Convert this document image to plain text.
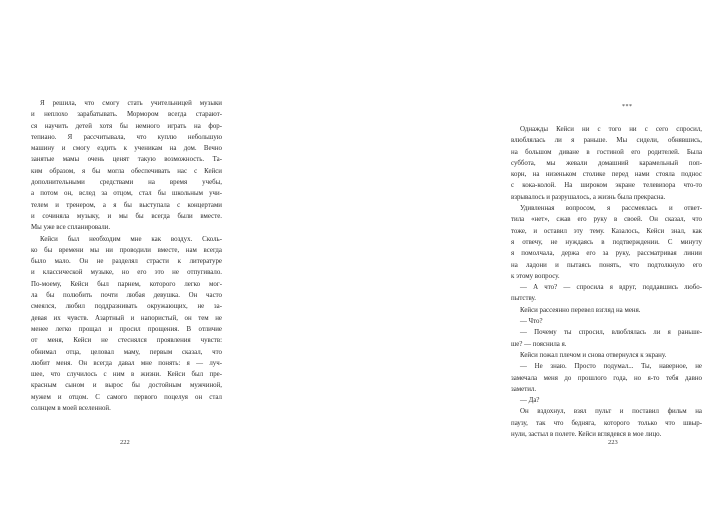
Я решила, что смогу стать учительницей музыки
и неплохо зарабатывать. Мормором всегда старают-
ся научить детей хотя бы немного играть на фор-
тепиано. Я рассчитывала, что куплю небольшую
машину и смогу ездить к ученикам на дом. Вечно
занятые мамы очень ценят такую возможность. Та-
ким образом, я бы могла обеспечивать нас с Кейси
дополнительными средствами на время учебы,
а потом он, вслед за отцом, стал бы школьным учи-
телем и тренером, а я бы выступала с концертами
и сочиняла музыку, и мы бы всегда были вместе.
Мы уже все спланировали.
Кейси был необходим мне как воздух. Сколь-
ко бы времени мы ни проводили вместе, нам всегда
было мало. Он не разделял страсти к литературе
и классической музыке, но его это не отпугивало.
По-моему, Кейси был парнем, которого легко мог-
ла бы полюбить почти любая девушка. Он часто
смеялся, любил поддразнивать окружающих, не за-
девая их чувств. Азартный и напористый, он тем не
менее легко прощал и просил прощения. В отличие
от меня, Кейси не стеснялся проявления чувств:
обнимал отца, целовал маму, первым сказал, что
любит меня. Он всегда давал мне понять: я — луч-
шее, что случилось с ним в жизни. Кейси был пре-
красным сыном и вырос бы достойным мужчиной,
мужем и отцом. С самого первого поцелуя он стал
солнцем в моей вселенной.
222
***
Однажды Кейси ни с того ни с сего спросил,
влюблялась ли я раньше. Мы сидели, обнявшись,
на большом диване в гостиной его родителей. Была
суббота, мы жевали домашний карамельный поп-
корн, на низеньком столике перед нами стояла поднос
с кока-колой. На широком экране телевизора что-то
взрывалось и разрушалось, а жизнь была прекрасна.
Удивленная вопросом, я рассмеялась и ответ-
тила «нет», сжав его руку в своей. Он сказал, что
тоже, и оставил эту тему. Казалось, Кейси знал, как
я отвечу, не нуждаясь в подтверждении. С минуту
я помолчала, держа его за руку, рассматривая линии
на ладони и пытаясь понять, что подтолкнуло его
к этому вопросу.
— А что? — спросила я вдруг, поддавшись любо-
пытству.
Кейси рассеянно перевел взгляд на меня.
— Что?
— Почему ты спросил, влюблялась ли я раньше-
ше? — пояснила я.
Кейси пожал плечом и снова отвернулся к экрану.
— Не знаю. Просто подумал... Ты, наверное, не
замечала меня до прошлого года, но я-то тебя давно
заметил.
— Да?
Он вздохнул, взял пульт и поставил фильм на
паузу, так что бедняга, которого только что швыр-
нули, застыл в полете. Кейси вглядевся в мое лицо.
223
